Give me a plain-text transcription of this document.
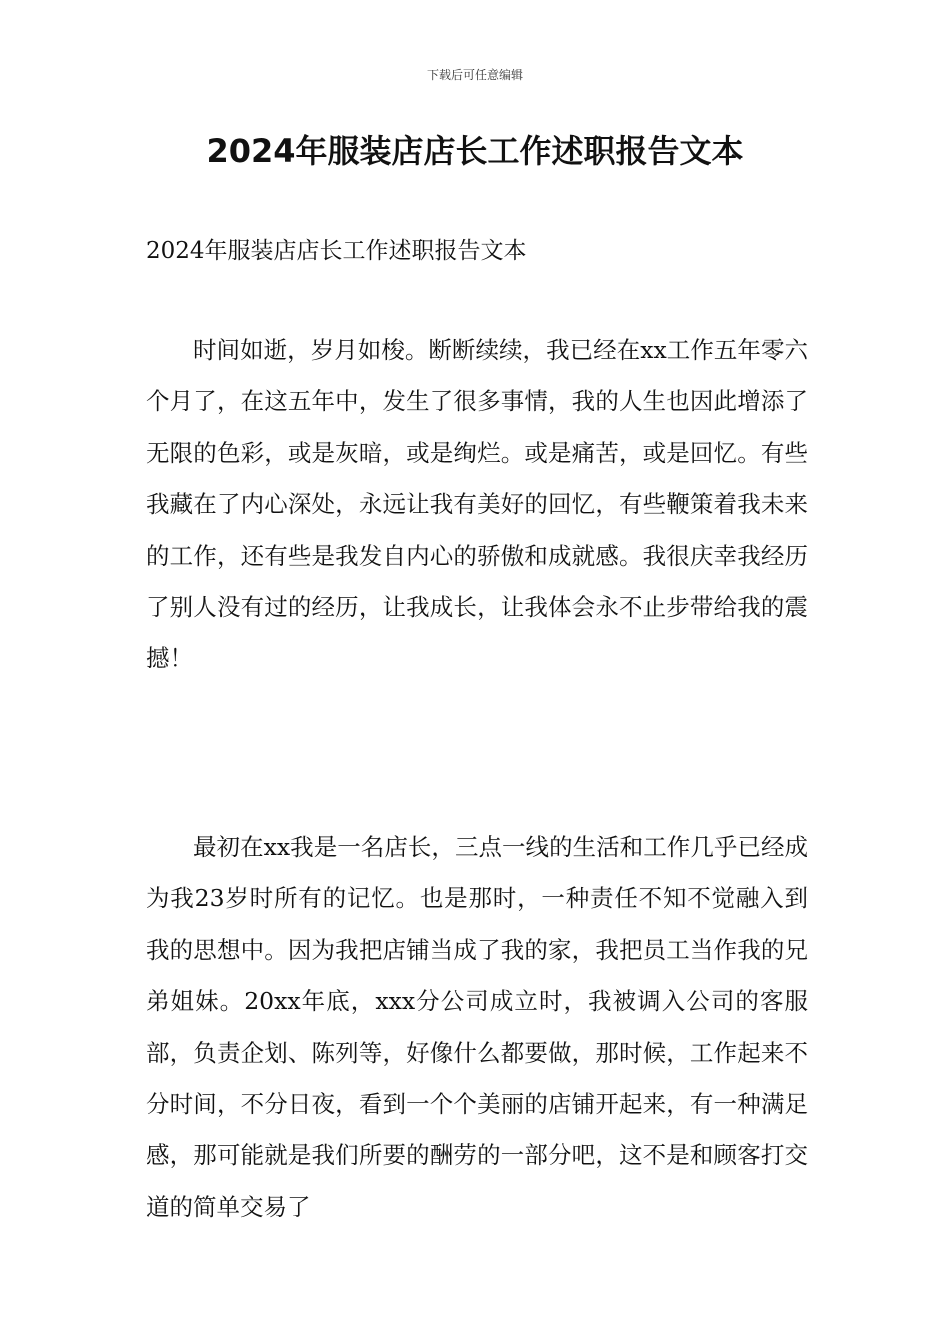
下载后可任意编辑
2024年服装店店长工作述职报告文本
2024年服装店店长工作述职报告文本

时间如逝，岁月如梭。断断续续，我已经在xx工作五年零六个月了，在这五年中，发生了很多事情，我的人生也因此增添了无限的色彩，或是灰暗，或是绚烂。或是痛苦，或是回忆。有些我藏在了内心深处，永远让我有美好的回忆，有些鞭策着我未来的工作，还有些是我发自内心的骄傲和成就感。我很庆幸我经历了别人没有过的经历，让我成长，让我体会永不止步带给我的震撼！

最初在xx我是一名店长，三点一线的生活和工作几乎已经成为我23岁时所有的记忆。也是那时，一种责任不知不觉融入到我的思想中。因为我把店铺当成了我的家，我把员工当作我的兄弟姐妹。20xx年底，xxx分公司成立时，我被调入公司的客服部，负责企划、陈列等，好像什么都要做，那时候，工作起来不分时间，不分日夜，看到一个个美丽的店铺开起来，有一种满足感，那可能就是我们所要的酬劳的一部分吧，这不是和顾客打交道的简单交易了
